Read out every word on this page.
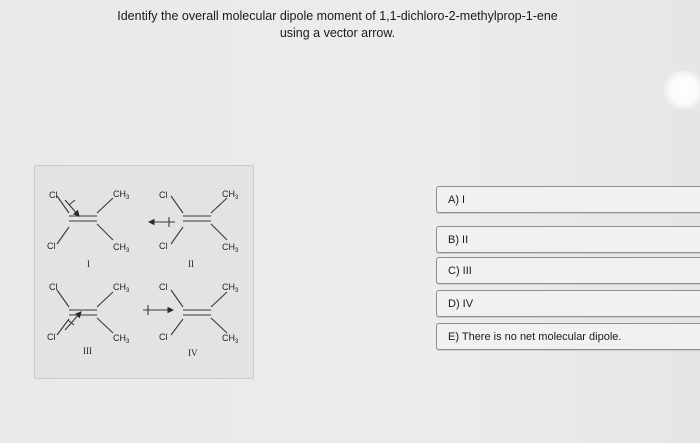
Identify the overall molecular dipole moment of 1,1-dichloro-2-methylprop-1-ene
using a vector arrow.
Cl
Cl
$CH_3$
$CH_3$
I
Cl
Cl
$CH_3$
$CH_3$
II
Cl
Cl
$CH_3$
$CH_3$
III
Cl
Cl
$CH_3$
$CH_3$
IV
A) I
B) II
C) III
D) IV
E) There is no net molecular dipole.
